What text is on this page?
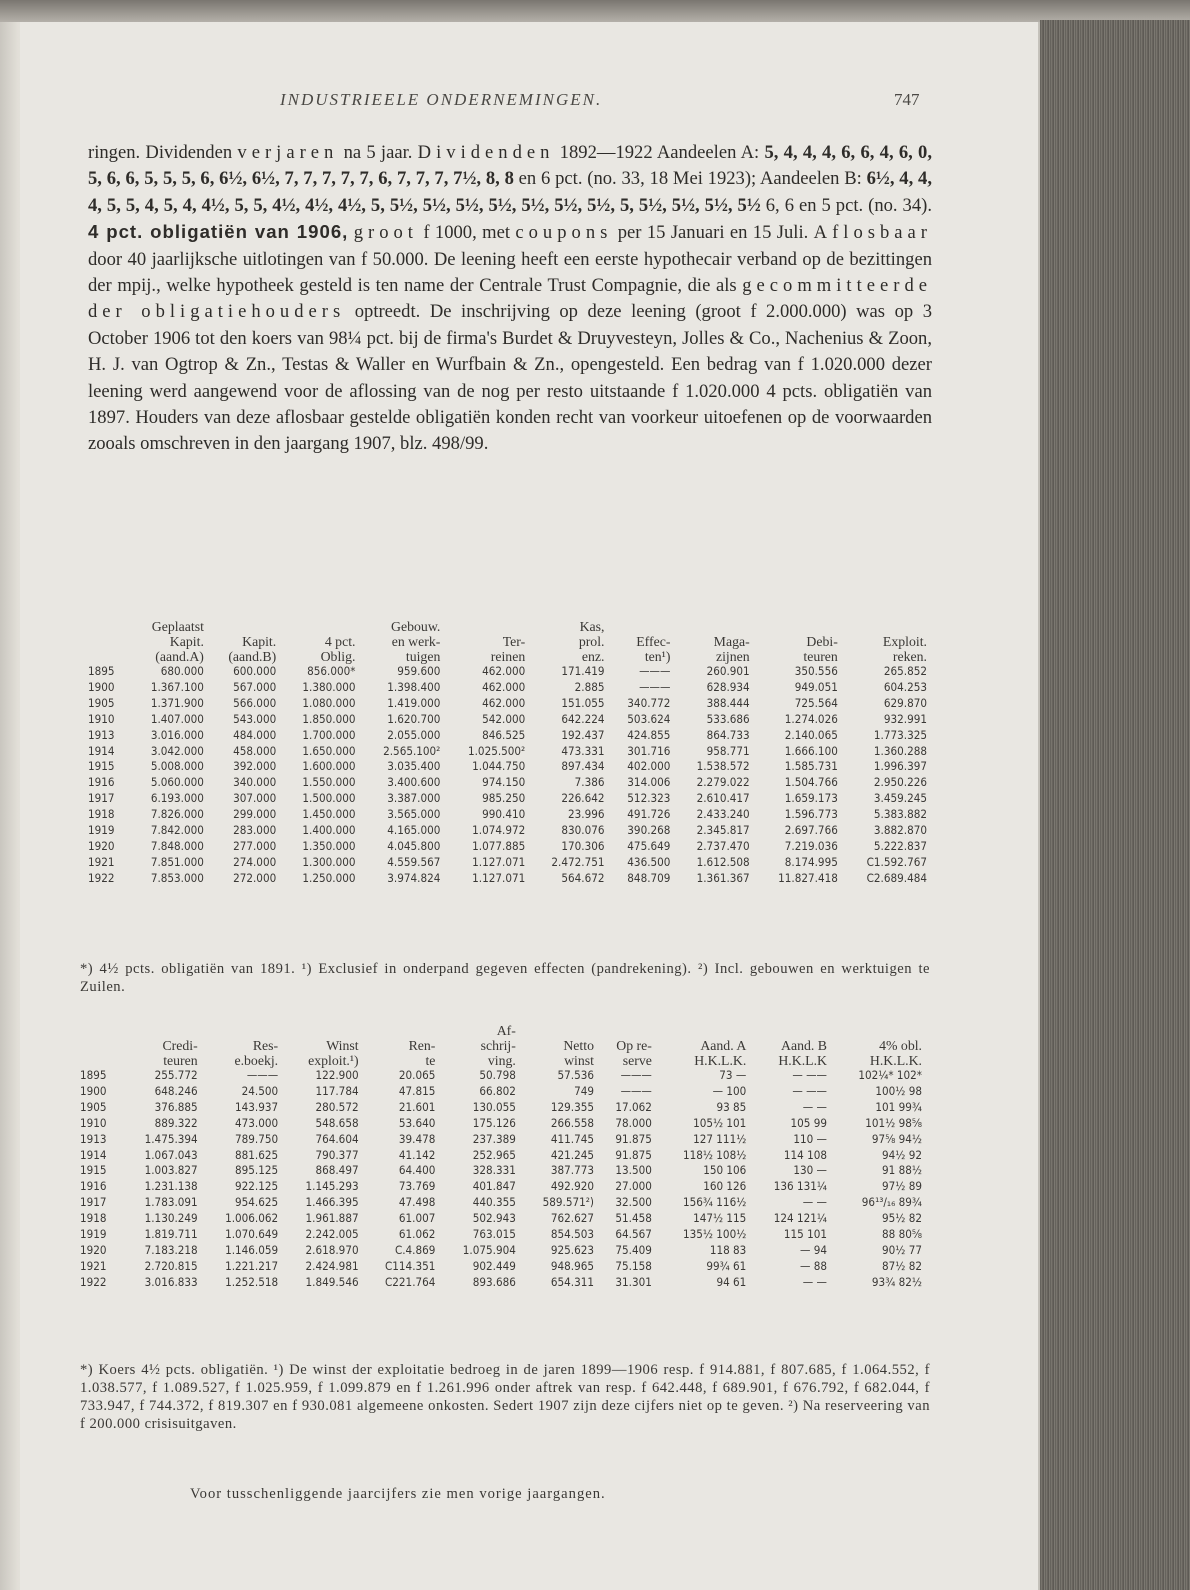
INDUSTRIEELE ONDERNEMINGEN.	747
ringen. Dividenden verjaren na 5 jaar. Dividenden 1892—1922 Aandeelen A: 5, 4, 4, 4, 6, 6, 4, 6, 0, 5, 6, 6, 5, 5, 5, 6, 6½, 6½, 7, 7, 7, 7, 7, 6, 7, 7, 7, 7½, 8, 8 en 6 pct. (no. 33, 18 Mei 1923); Aandeelen B: 6½, 4, 4, 4, 5, 5, 4, 5, 4, 4½, 5, 5, 4½, 4½, 4½, 5, 5½, 5½, 5½, 5½, 5½, 5½, 5½, 5, 5½, 5½, 5½, 5½ 6, 6 en 5 pct. (no. 34). 4 pct. obligatiën van 1906, groot f 1000, met coupons per 15 Januari en 15 Juli. Aflosbaar door 40 jaarlijksche uitlotingen van f 50.000. De leening heeft een eerste hypothecair verband op de bezittingen der mpij., welke hypotheek gesteld is ten name der Centrale Trust Compagnie, die als gecommitteerde der obligatiehouders optreedt. De inschrijving op deze leening (groot f 2.000.000) was op 3 October 1906 tot den koers van 98¼ pct. bij de firma's Burdet & Druyvesteyn, Jolles & Co., Nachenius & Zoon, H. J. van Ogtrop & Zn., Testas & Waller en Wurfbain & Zn., opengesteld. Een bedrag van f 1.020.000 dezer leening werd aangewend voor de aflossing van de nog per resto uitstaande f 1.020.000 4 pcts. obligatiën van 1897. Houders van deze aflosbaar gestelde obligatiën konden recht van voorkeur uitoefenen op de voorwaarden zooals omschreven in den jaargang 1907, blz. 498/99.
	Geplaatst			Gebouw.		Kas,				
	Kapit.	Kapit.	4 pct.	en werk-	Ter-	prol.	Effec-	Maga-	Debi-	Exploit.
	(aand.A)	(aand.B)	Oblig.	tuigen	reinen	enz.	ten¹)	zijnen	teuren	reken.
1895	680.000	600.000	856.000*	959.600	462.000	171.419	———	260.901	350.556	265.852
1900	1.367.100	567.000	1.380.000	1.398.400	462.000	2.885	———	628.934	949.051	604.253
1905	1.371.900	566.000	1.080.000	1.419.000	462.000	151.055	340.772	388.444	725.564	629.870
1910	1.407.000	543.000	1.850.000	1.620.700	542.000	642.224	503.624	533.686	1.274.026	932.991
1913	3.016.000	484.000	1.700.000	2.055.000	846.525	192.437	424.855	864.733	2.140.065	1.773.325
1914	3.042.000	458.000	1.650.000	2.565.100²	1.025.500²	473.331	301.716	958.771	1.666.100	1.360.288
1915	5.008.000	392.000	1.600.000	3.035.400	1.044.750	897.434	402.000	1.538.572	1.585.731	1.996.397
1916	5.060.000	340.000	1.550.000	3.400.600	974.150	7.386	314.006	2.279.022	1.504.766	2.950.226
1917	6.193.000	307.000	1.500.000	3.387.000	985.250	226.642	512.323	2.610.417	1.659.173	3.459.245
1918	7.826.000	299.000	1.450.000	3.565.000	990.410	23.996	491.726	2.433.240	1.596.773	5.383.882
1919	7.842.000	283.000	1.400.000	4.165.000	1.074.972	830.076	390.268	2.345.817	2.697.766	3.882.870
1920	7.848.000	277.000	1.350.000	4.045.800	1.077.885	170.306	475.649	2.737.470	7.219.036	5.222.837
1921	7.851.000	274.000	1.300.000	4.559.567	1.127.071	2.472.751	436.500	1.612.508	8.174.995	C1.592.767
1922	7.853.000	272.000	1.250.000	3.974.824	1.127.071	564.672	848.709	1.361.367	11.827.418	C2.689.484
*) 4½ pcts. obligatiën van 1891. ¹) Exclusief in onderpand gegeven effecten (pandrekening). ²) Incl. gebouwen en werktuigen te Zuilen.
					Af-					
	Credi-	Res-	Winst	Ren-	schrij-	Netto	Op re-	Aand. A	Aand. B	4% obl.
	teuren	e.boekj.	exploit.¹)	te	ving.	winst	serve	H.K.L.K.	H.K.L.K	H.K.L.K.
1895	255.772	———	122.900	20.065	50.798	57.536	———	73 —	— ——	102¼* 102*
1900	648.246	24.500	117.784	47.815	66.802	749	———	— 100	— ——	100½ 98
1905	376.885	143.937	280.572	21.601	130.055	129.355	17.062	93 85	— —	101 99¾
1910	889.322	473.000	548.658	53.640	175.126	266.558	78.000	105½ 101	105 99	101½ 98⅝
1913	1.475.394	789.750	764.604	39.478	237.389	411.745	91.875	127 111½	110 —	97⅝ 94½
1914	1.067.043	881.625	790.377	41.142	252.965	421.245	91.875	118½ 108½	114 108	94½ 92
1915	1.003.827	895.125	868.497	64.400	328.331	387.773	13.500	150 106	130 —	91 88½
1916	1.231.138	922.125	1.145.293	73.769	401.847	492.920	27.000	160 126	136 131¼	97½ 89
1917	1.783.091	954.625	1.466.395	47.498	440.355	589.571²)	32.500	156¾ 116½	— —	96¹³/₁₆ 89¾
1918	1.130.249	1.006.062	1.961.887	61.007	502.943	762.627	51.458	147½ 115	124 121¼	95½ 82
1919	1.819.711	1.070.649	2.242.005	61.062	763.015	854.503	64.567	135½ 100½	115 101	88 80⅝
1920	7.183.218	1.146.059	2.618.970	C.4.869	1.075.904	925.623	75.409	118 83	— 94	90½ 77
1921	2.720.815	1.221.217	2.424.981	C114.351	902.449	948.965	75.158	99¾ 61	— 88	87½ 82
1922	3.016.833	1.252.518	1.849.546	C221.764	893.686	654.311	31.301	94 61	— —	93¾ 82½
*) Koers 4½ pcts. obligatiën. ¹) De winst der exploitatie bedroeg in de jaren 1899—1906 resp. f 914.881, f 807.685, f 1.064.552, f 1.038.577, f 1.089.527, f 1.025.959, f 1.099.879 en f 1.261.996 onder aftrek van resp. f 642.448, f 689.901, f 676.792, f 682.044, f 733.947, f 744.372, f 819.307 en f 930.081 algemeene onkosten. Sedert 1907 zijn deze cijfers niet op te geven. ²) Na reserveering van f 200.000 crisisuitgaven.
Voor tusschenliggende jaarcijfers zie men vorige jaargangen.
